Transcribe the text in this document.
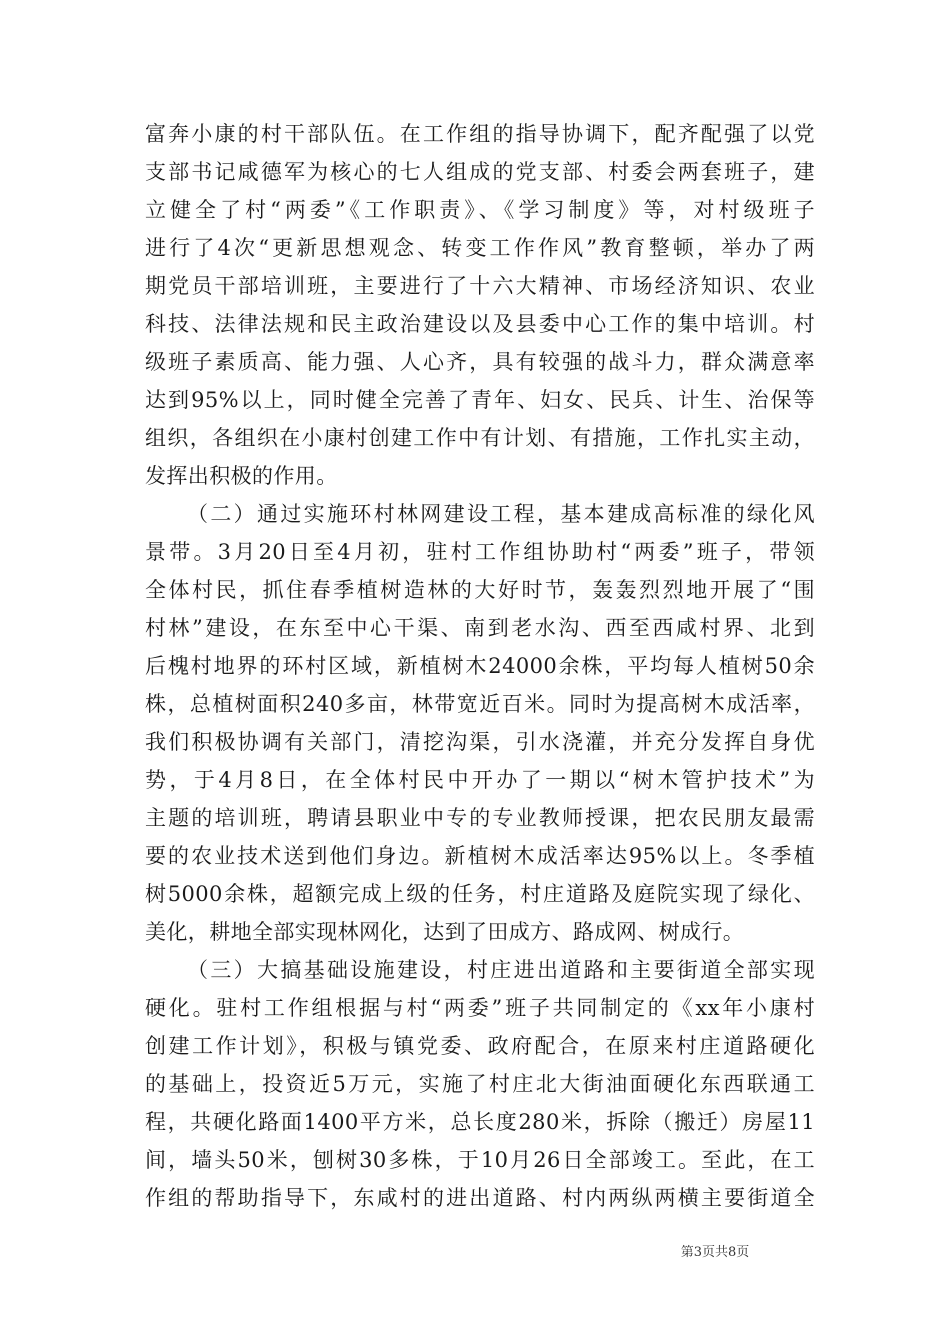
富奔小康的村干部队伍。在工作组的指导协调下，配齐配强了以党
支部书记咸德军为核心的七人组成的党支部、村委会两套班子，建
立健全了村“两委”《工作职责》、《学习制度》等，对村级班子
进行了4次“更新思想观念、转变工作作风”教育整顿，举办了两
期党员干部培训班，主要进行了十六大精神、市场经济知识、农业
科技、法律法规和民主政治建设以及县委中心工作的集中培训。村
级班子素质高、能力强、人心齐，具有较强的战斗力，群众满意率
达到95%以上，同时健全完善了青年、妇女、民兵、计生、治保等
组织，各组织在小康村创建工作中有计划、有措施，工作扎实主动，
发挥出积极的作用。
（二）通过实施环村林网建设工程，基本建成高标准的绿化风
景带。3月20日至4月初，驻村工作组协助村“两委”班子，带领
全体村民，抓住春季植树造林的大好时节，轰轰烈烈地开展了“围
村林”建设，在东至中心干渠、南到老水沟、西至西咸村界、北到
后槐村地界的环村区域，新植树木24000余株，平均每人植树50余
株，总植树面积240多亩，林带宽近百米。同时为提高树木成活率，
我们积极协调有关部门，清挖沟渠，引水浇灌，并充分发挥自身优
势，于4月8日，在全体村民中开办了一期以“树木管护技术”为
主题的培训班，聘请县职业中专的专业教师授课，把农民朋友最需
要的农业技术送到他们身边。新植树木成活率达95%以上。冬季植
树5000余株，超额完成上级的任务，村庄道路及庭院实现了绿化、
美化，耕地全部实现林网化，达到了田成方、路成网、树成行。
（三）大搞基础设施建设，村庄进出道路和主要街道全部实现
硬化。驻村工作组根据与村“两委”班子共同制定的《xx年小康村
创建工作计划》，积极与镇党委、政府配合，在原来村庄道路硬化
的基础上，投资近5万元，实施了村庄北大街油面硬化东西联通工
程，共硬化路面1400平方米，总长度280米，拆除（搬迁）房屋11
间，墙头50米，刨树30多株，于10月26日全部竣工。至此，在工
作组的帮助指导下，东咸村的进出道路、村内两纵两横主要街道全
第3页共8页
